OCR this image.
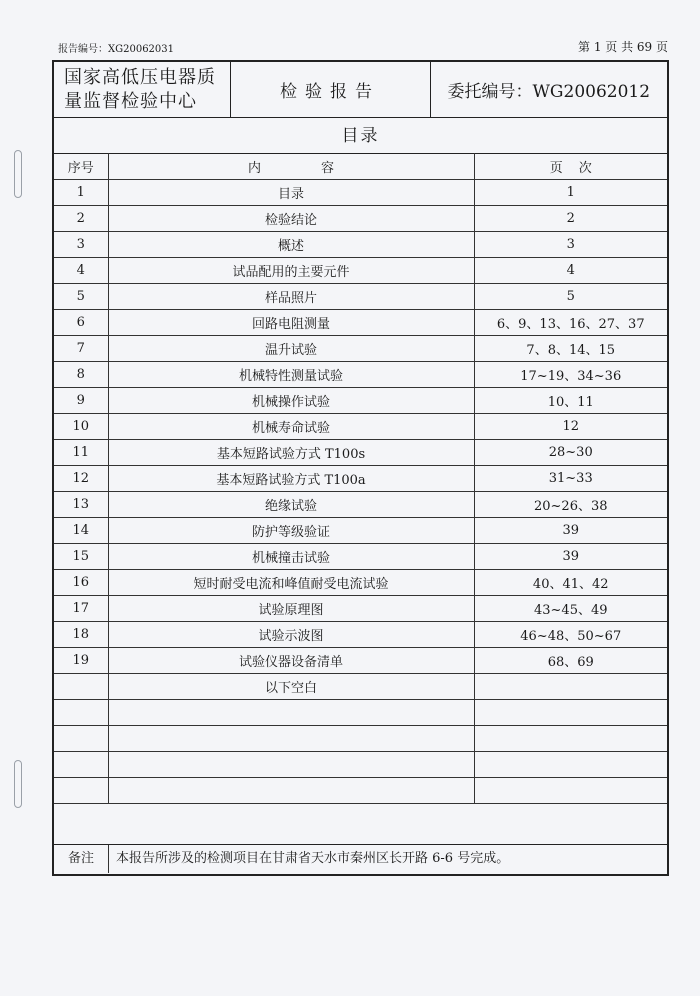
报告编号：XG20062031	第 1 页 共 69 页
国家高低压电器质
量监督检验中心	检验报告	委托编号：WG20062012
目录
序号	内容	页次
1	目录	1
2	检验结论	2
3	概述	3
4	试品配用的主要元件	4
5	样品照片	5
6	回路电阻测量	6、9、13、16、27、37
7	温升试验	7、8、14、15
8	机械特性测量试验	17~19、34~36
9	机械操作试验	10、11
10	机械寿命试验	12
11	基本短路试验方式 T100s	28~30
12	基本短路试验方式 T100a	31~33
13	绝缘试验	20~26、38
14	防护等级验证	39
15	机械撞击试验	39
16	短时耐受电流和峰值耐受电流试验	40、41、42
17	试验原理图	43~45、49
18	试验示波图	46~48、50~67
19	试验仪器设备清单	68、69
	以下空白	

备注	本报告所涉及的检测项目在甘肃省天水市秦州区长开路 6-6 号完成。
